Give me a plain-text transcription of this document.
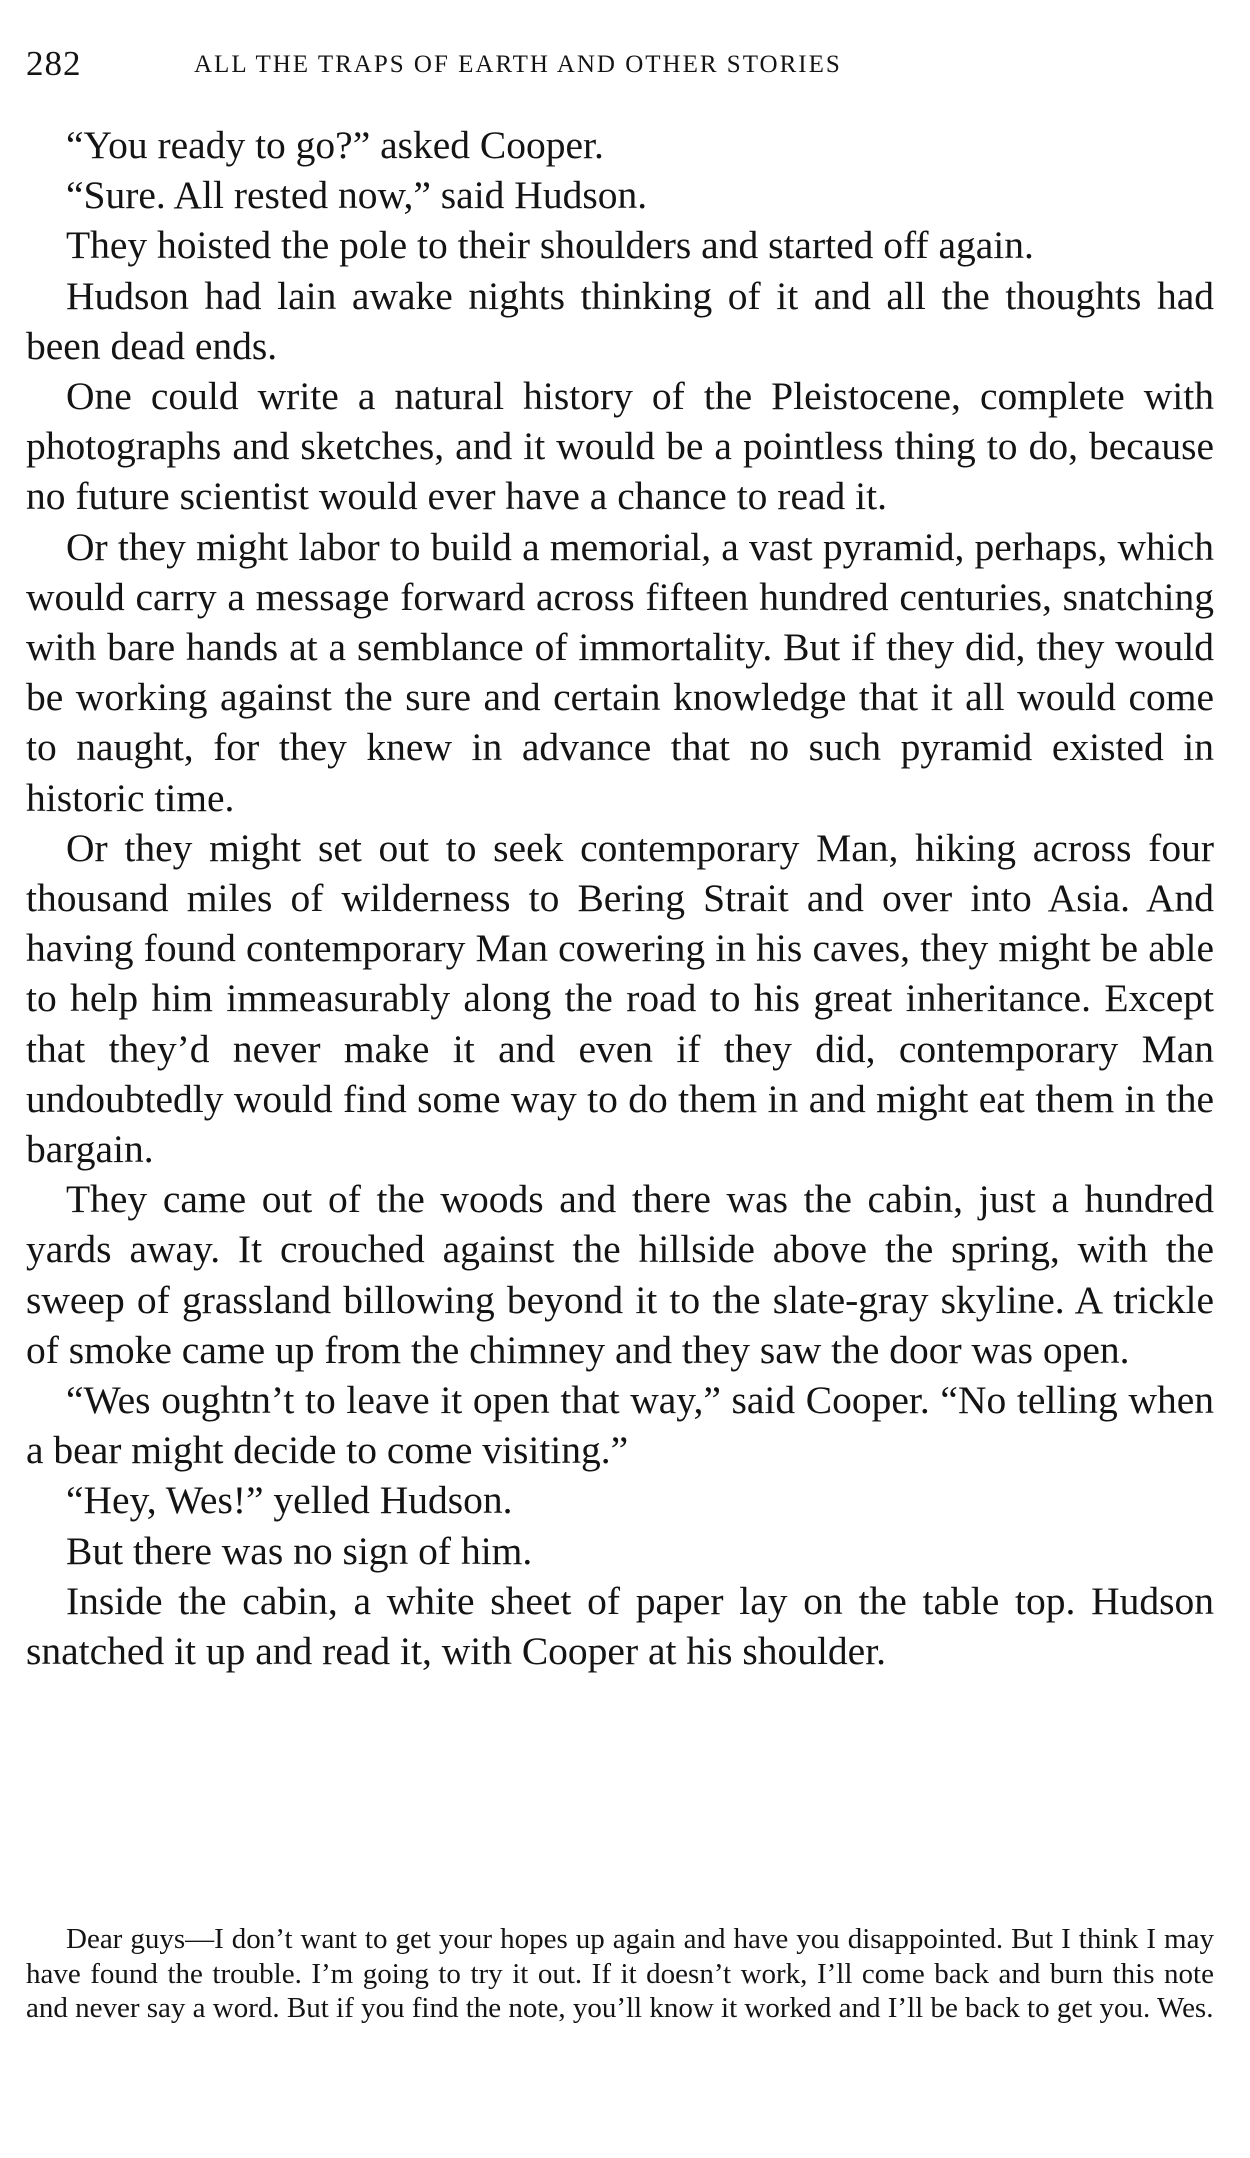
282	ALL THE TRAPS OF EARTH AND OTHER STORIES

“You ready to go?” asked Cooper.

“Sure. All rested now,” said Hudson.

They hoisted the pole to their shoulders and started off again.

Hudson had lain awake nights thinking of it and all the thoughts had been dead ends.

One could write a natural history of the Pleistocene, complete with photographs and sketches, and it would be a pointless thing to do, because no future scientist would ever have a chance to read it.

Or they might labor to build a memorial, a vast pyramid, perhaps, which would carry a message forward across fifteen hundred centuries, snatching with bare hands at a semblance of immortality. But if they did, they would be working against the sure and certain knowledge that it all would come to naught, for they knew in advance that no such pyramid existed in historic time.

Or they might set out to seek contemporary Man, hiking across four thousand miles of wilderness to Bering Strait and over into Asia. And having found contemporary Man cowering in his caves, they might be able to help him immeasurably along the road to his great inheritance. Except that they’d never make it and even if they did, contemporary Man undoubtedly would find some way to do them in and might eat them in the bargain.

They came out of the woods and there was the cabin, just a hundred yards away. It crouched against the hillside above the spring, with the sweep of grassland billowing beyond it to the slate-gray skyline. A trickle of smoke came up from the chimney and they saw the door was open.

“Wes oughtn’t to leave it open that way,” said Cooper. “No telling when a bear might decide to come visiting.”

“Hey, Wes!” yelled Hudson.

But there was no sign of him.

Inside the cabin, a white sheet of paper lay on the table top. Hudson snatched it up and read it, with Cooper at his shoulder.

Dear guys—I don’t want to get your hopes up again and have you disappointed. But I think I may have found the trouble. I’m going to try it out. If it doesn’t work, I’ll come back and burn this note and never say a word. But if you find the note, you’ll know it worked and I’ll be back to get you. Wes.
